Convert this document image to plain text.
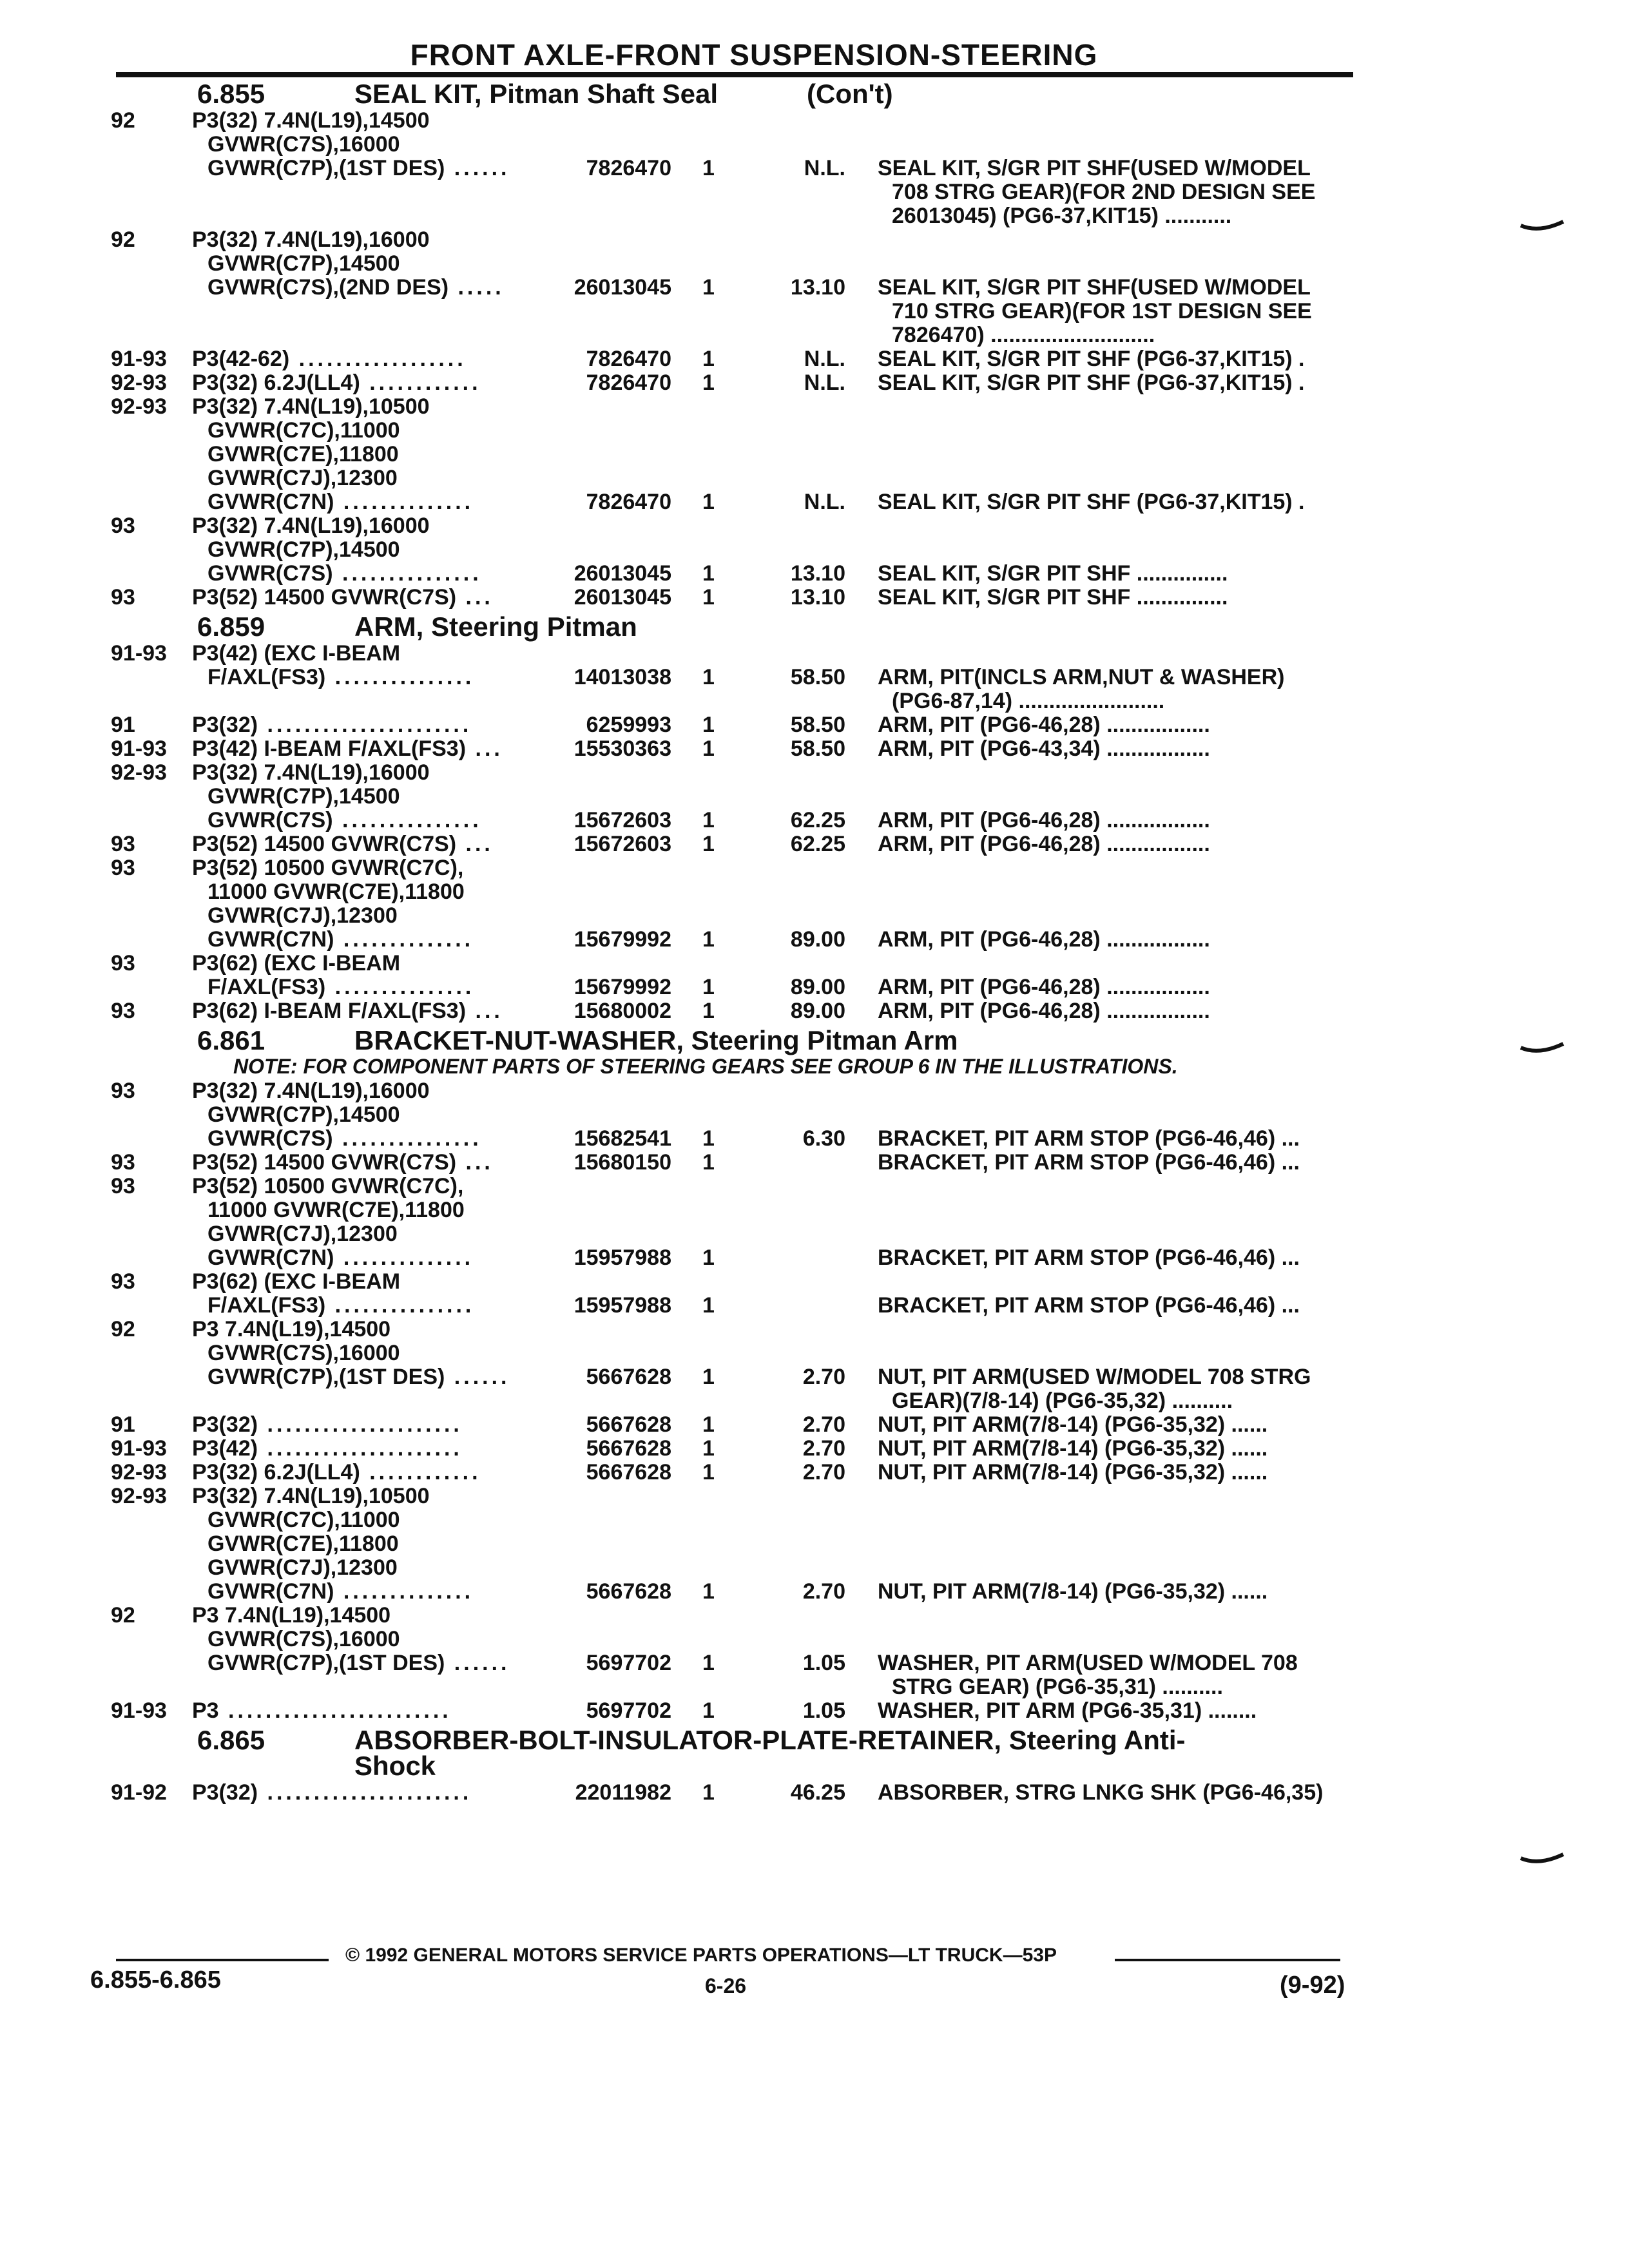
FRONT AXLE-FRONT SUSPENSION-STEERING
6.855	SEAL KIT, Pitman Shaft Seal	(Con't)
92	P3(32) 7.4N(L19),14500
GVWR(C7S),16000
GVWR(C7P),(1ST DES) ......	7826470 1	N.L. SEAL KIT, S/GR PIT SHF(USED W/MODEL
708 STRG GEAR)(FOR 2ND DESIGN SEE
26013045) (PG6-37,KIT15) ...........
92	P3(32) 7.4N(L19),16000
GVWR(C7P),14500
GVWR(C7S),(2ND DES) .....	26013045 1	13.10 SEAL KIT, S/GR PIT SHF(USED W/MODEL
710 STRG GEAR)(FOR 1ST DESIGN SEE
7826470) ...........................
91-93 P3(42-62) ..................	7826470 1	N.L. SEAL KIT, S/GR PIT SHF (PG6-37,KIT15) .
92-93 P3(32) 6.2J(LL4) ............	7826470 1	N.L. SEAL KIT, S/GR PIT SHF (PG6-37,KIT15) .
92-93 P3(32) 7.4N(L19),10500
GVWR(C7C),11000
GVWR(C7E),11800
GVWR(C7J),12300
GVWR(C7N) ..............	7826470 1	N.L. SEAL KIT, S/GR PIT SHF (PG6-37,KIT15) .
93	P3(32) 7.4N(L19),16000
GVWR(C7P),14500
GVWR(C7S) ...............	26013045 1	13.10 SEAL KIT, S/GR PIT SHF ...............
93	P3(52) 14500 GVWR(C7S) ...	26013045 1	13.10 SEAL KIT, S/GR PIT SHF ...............
6.859	ARM, Steering Pitman
91-93 P3(42) (EXC I-BEAM
F/AXL(FS3) ...............	14013038 1	58.50 ARM, PIT(INCLS ARM,NUT & WASHER)
(PG6-87,14) ........................
91	P3(32) ......................	6259993 1	58.50 ARM, PIT (PG6-46,28) .................
91-93 P3(42) I-BEAM F/AXL(FS3) ...	15530363 1	58.50 ARM, PIT (PG6-43,34) .................
92-93 P3(32) 7.4N(L19),16000
GVWR(C7P),14500
GVWR(C7S) ...............	15672603 1	62.25 ARM, PIT (PG6-46,28) .................
93	P3(52) 14500 GVWR(C7S) ...	15672603 1	62.25 ARM, PIT (PG6-46,28) .................
93	P3(52) 10500 GVWR(C7C),
11000 GVWR(C7E),11800
GVWR(C7J),12300
GVWR(C7N) ..............	15679992 1	89.00 ARM, PIT (PG6-46,28) .................
93	P3(62) (EXC I-BEAM
F/AXL(FS3) ...............	15679992 1	89.00 ARM, PIT (PG6-46,28) .................
93	P3(62) I-BEAM F/AXL(FS3) ...	15680002 1	89.00 ARM, PIT (PG6-46,28) .................
6.861	BRACKET-NUT-WASHER, Steering Pitman Arm
NOTE: FOR COMPONENT PARTS OF STEERING GEARS SEE GROUP 6 IN THE ILLUSTRATIONS.
93	P3(32) 7.4N(L19),16000
GVWR(C7P),14500
GVWR(C7S) ...............	15682541 1	6.30 BRACKET, PIT ARM STOP (PG6-46,46) ...
93	P3(52) 14500 GVWR(C7S) ...	15680150 1	BRACKET, PIT ARM STOP (PG6-46,46) ...
93	P3(52) 10500 GVWR(C7C),
11000 GVWR(C7E),11800
GVWR(C7J),12300
GVWR(C7N) ..............	15957988 1	BRACKET, PIT ARM STOP (PG6-46,46) ...
93	P3(62) (EXC I-BEAM
F/AXL(FS3) ...............	15957988 1	BRACKET, PIT ARM STOP (PG6-46,46) ...
92	P3 7.4N(L19),14500
GVWR(C7S),16000
GVWR(C7P),(1ST DES) ......	5667628 1	2.70 NUT, PIT ARM(USED W/MODEL 708 STRG
GEAR)(7/8-14) (PG6-35,32) ..........
91	P3(32) .....................	5667628 1	2.70 NUT, PIT ARM(7/8-14) (PG6-35,32) ......
91-93 P3(42) .....................	5667628 1	2.70 NUT, PIT ARM(7/8-14) (PG6-35,32) ......
92-93 P3(32) 6.2J(LL4) ............	5667628 1	2.70 NUT, PIT ARM(7/8-14) (PG6-35,32) ......
92-93 P3(32) 7.4N(L19),10500
GVWR(C7C),11000
GVWR(C7E),11800
GVWR(C7J),12300
GVWR(C7N) ..............	5667628 1	2.70 NUT, PIT ARM(7/8-14) (PG6-35,32) ......
92	P3 7.4N(L19),14500
GVWR(C7S),16000
GVWR(C7P),(1ST DES) ......	5697702 1	1.05 WASHER, PIT ARM(USED W/MODEL 708
STRG GEAR) (PG6-35,31) ..........
91-93 P3 ........................	5697702 1	1.05 WASHER, PIT ARM (PG6-35,31) ........
6.865	ABSORBER-BOLT-INSULATOR-PLATE-RETAINER, Steering Anti-
Shock
91-92 P3(32) ......................	22011982 1	46.25 ABSORBER, STRG LNKG SHK (PG6-46,35)
© 1992 GENERAL MOTORS SERVICE PARTS OPERATIONS—LT TRUCK—53P
6.855-6.865	6-26	(9-92)
